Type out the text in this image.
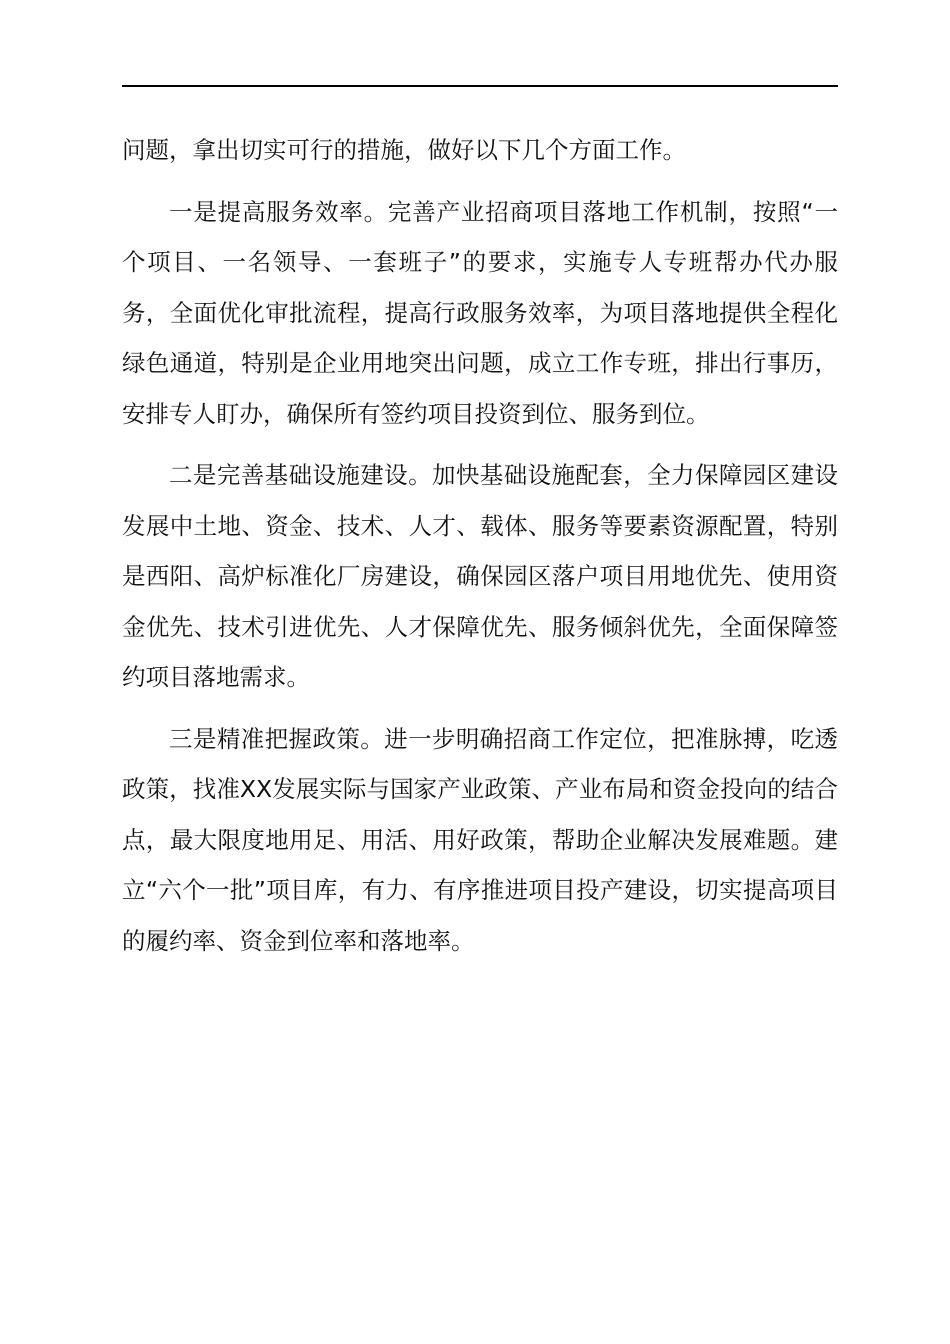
问题，拿出切实可行的措施，做好以下几个方面工作。

一是提高服务效率。完善产业招商项目落地工作机制，按照“一个项目、一名领导、一套班子”的要求，实施专人专班帮办代办服务，全面优化审批流程，提高行政服务效率，为项目落地提供全程化绿色通道，特别是企业用地突出问题，成立工作专班，排出行事历，安排专人盯办，确保所有签约项目投资到位、服务到位。

二是完善基础设施建设。加快基础设施配套，全力保障园区建设发展中土地、资金、技术、人才、载体、服务等要素资源配置，特别是西阳、高炉标准化厂房建设，确保园区落户项目用地优先、使用资金优先、技术引进优先、人才保障优先、服务倾斜优先，全面保障签约项目落地需求。

三是精准把握政策。进一步明确招商工作定位，把准脉搏，吃透政策，找准XX发展实际与国家产业政策、产业布局和资金投向的结合点，最大限度地用足、用活、用好政策，帮助企业解决发展难题。建立“六个一批”项目库，有力、有序推进项目投产建设，切实提高项目的履约率、资金到位率和落地率。
